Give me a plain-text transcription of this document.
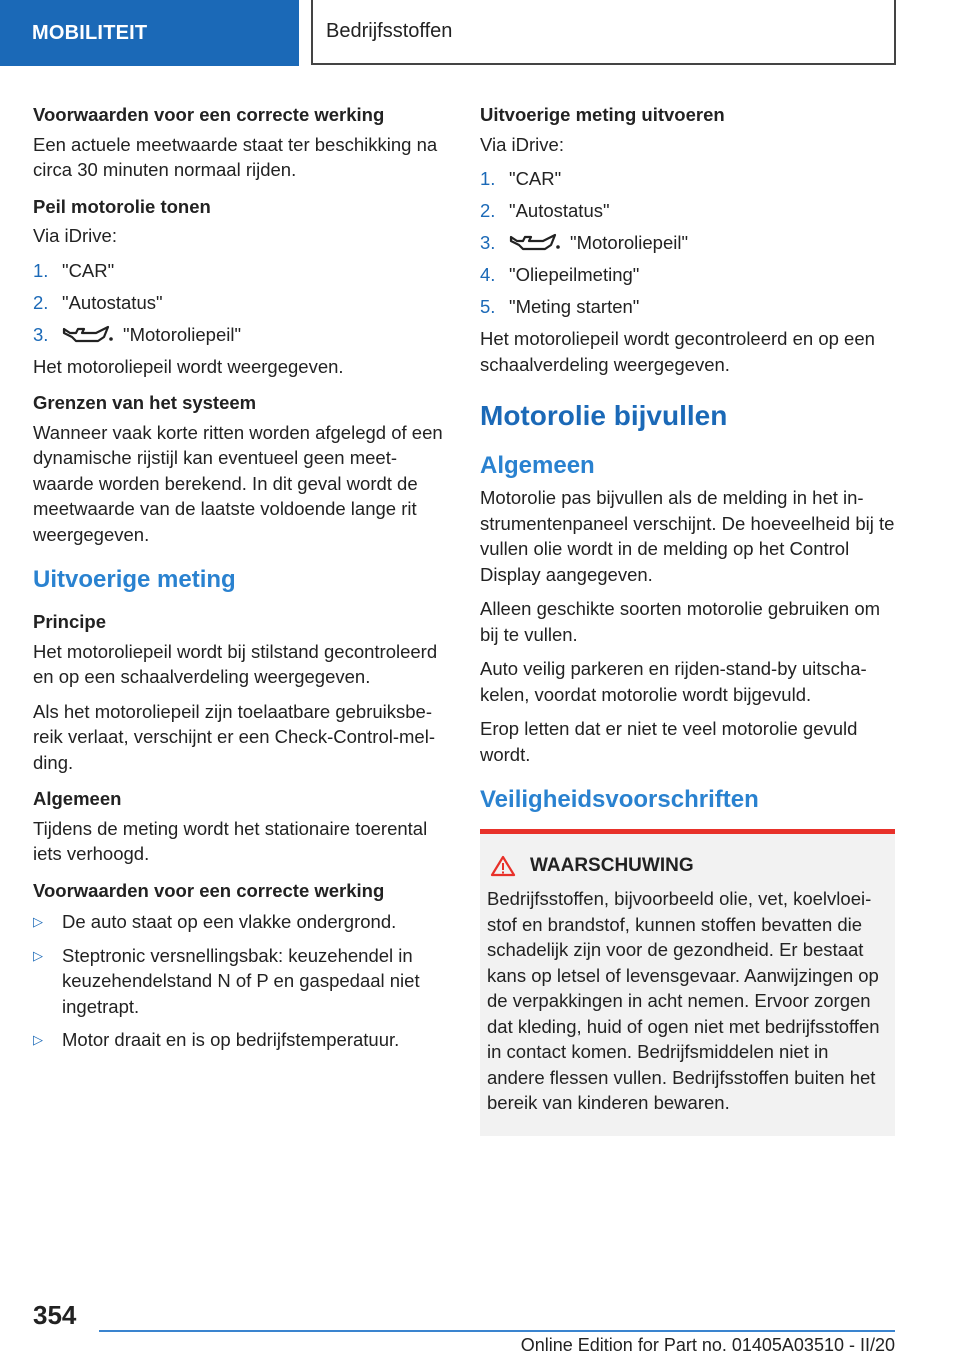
MOBILITEIT	Bedrijfsstoffen
Voorwaarden voor een correcte werking

Een actuele meetwaarde staat ter beschikking na circa 30 minuten normaal rijden.

Peil motorolie tonen

Via iDrive:

1. "CAR"
2. "Autostatus"
3.	"Motoroliepeil"

Het motoroliepeil wordt weergegeven.

Grenzen van het systeem

Wanneer vaak korte ritten worden afgelegd of een dynamische rijstijl kan eventueel geen meetwaarde worden berekend. In dit geval wordt de meetwaarde van de laatste voldoende lange rit weergegeven.

Uitvoerige meting
Principe

Het motoroliepeil wordt bij stilstand gecontroleerd en op een schaalverdeling weergegeven.

Als het motoroliepeil zijn toelaatbare gebruiksbereik verlaat, verschijnt er een Check-Control-melding.

Algemeen

Tijdens de meting wordt het stationaire toerental iets verhoogd.

Voorwaarden voor een correcte werking
▷ De auto staat op een vlakke ondergrond.
▷ Steptronic versnellingsbak: keuzehendel in keuzehendelstand N of P en gaspedaal niet ingetrapt.
▷ Motor draait en is op bedrijfstemperatuur.
Uitvoerige meting uitvoeren

Via iDrive:

1. "CAR"
2. "Autostatus"
3.	"Motoroliepeil"
4. "Oliepeilmeting"
5. "Meting starten"

Het motoroliepeil wordt gecontroleerd en op een schaalverdeling weergegeven.

Motorolie bijvullen
Algemeen

Motorolie pas bijvullen als de melding in het instrumentenpaneel verschijnt. De hoeveelheid bij te vullen olie wordt in de melding op het Control Display aangegeven.

Alleen geschikte soorten motorolie gebruiken om bij te vullen.

Auto veilig parkeren en rijden-stand-by uitschakelen, voordat motorolie wordt bijgevuld.

Erop letten dat er niet te veel motorolie gevuld wordt.

Veiligheidsvoorschriften
WAARSCHUWING

Bedrijfsstoffen, bijvoorbeeld olie, vet, koelvloeistof en brandstof, kunnen stoffen bevatten die schadelijk zijn voor de gezondheid. Er bestaat kans op letsel of levensgevaar. Aanwijzingen op de verpakkingen in acht nemen. Ervoor zorgen dat kleding, huid of ogen niet met bedrijfsstoffen in contact komen. Bedrijfsmiddelen niet in andere flessen vullen. Bedrijfsstoffen buiten het bereik van kinderen bewaren.

354
Online Edition for Part no. 01405A03510 - II/20
